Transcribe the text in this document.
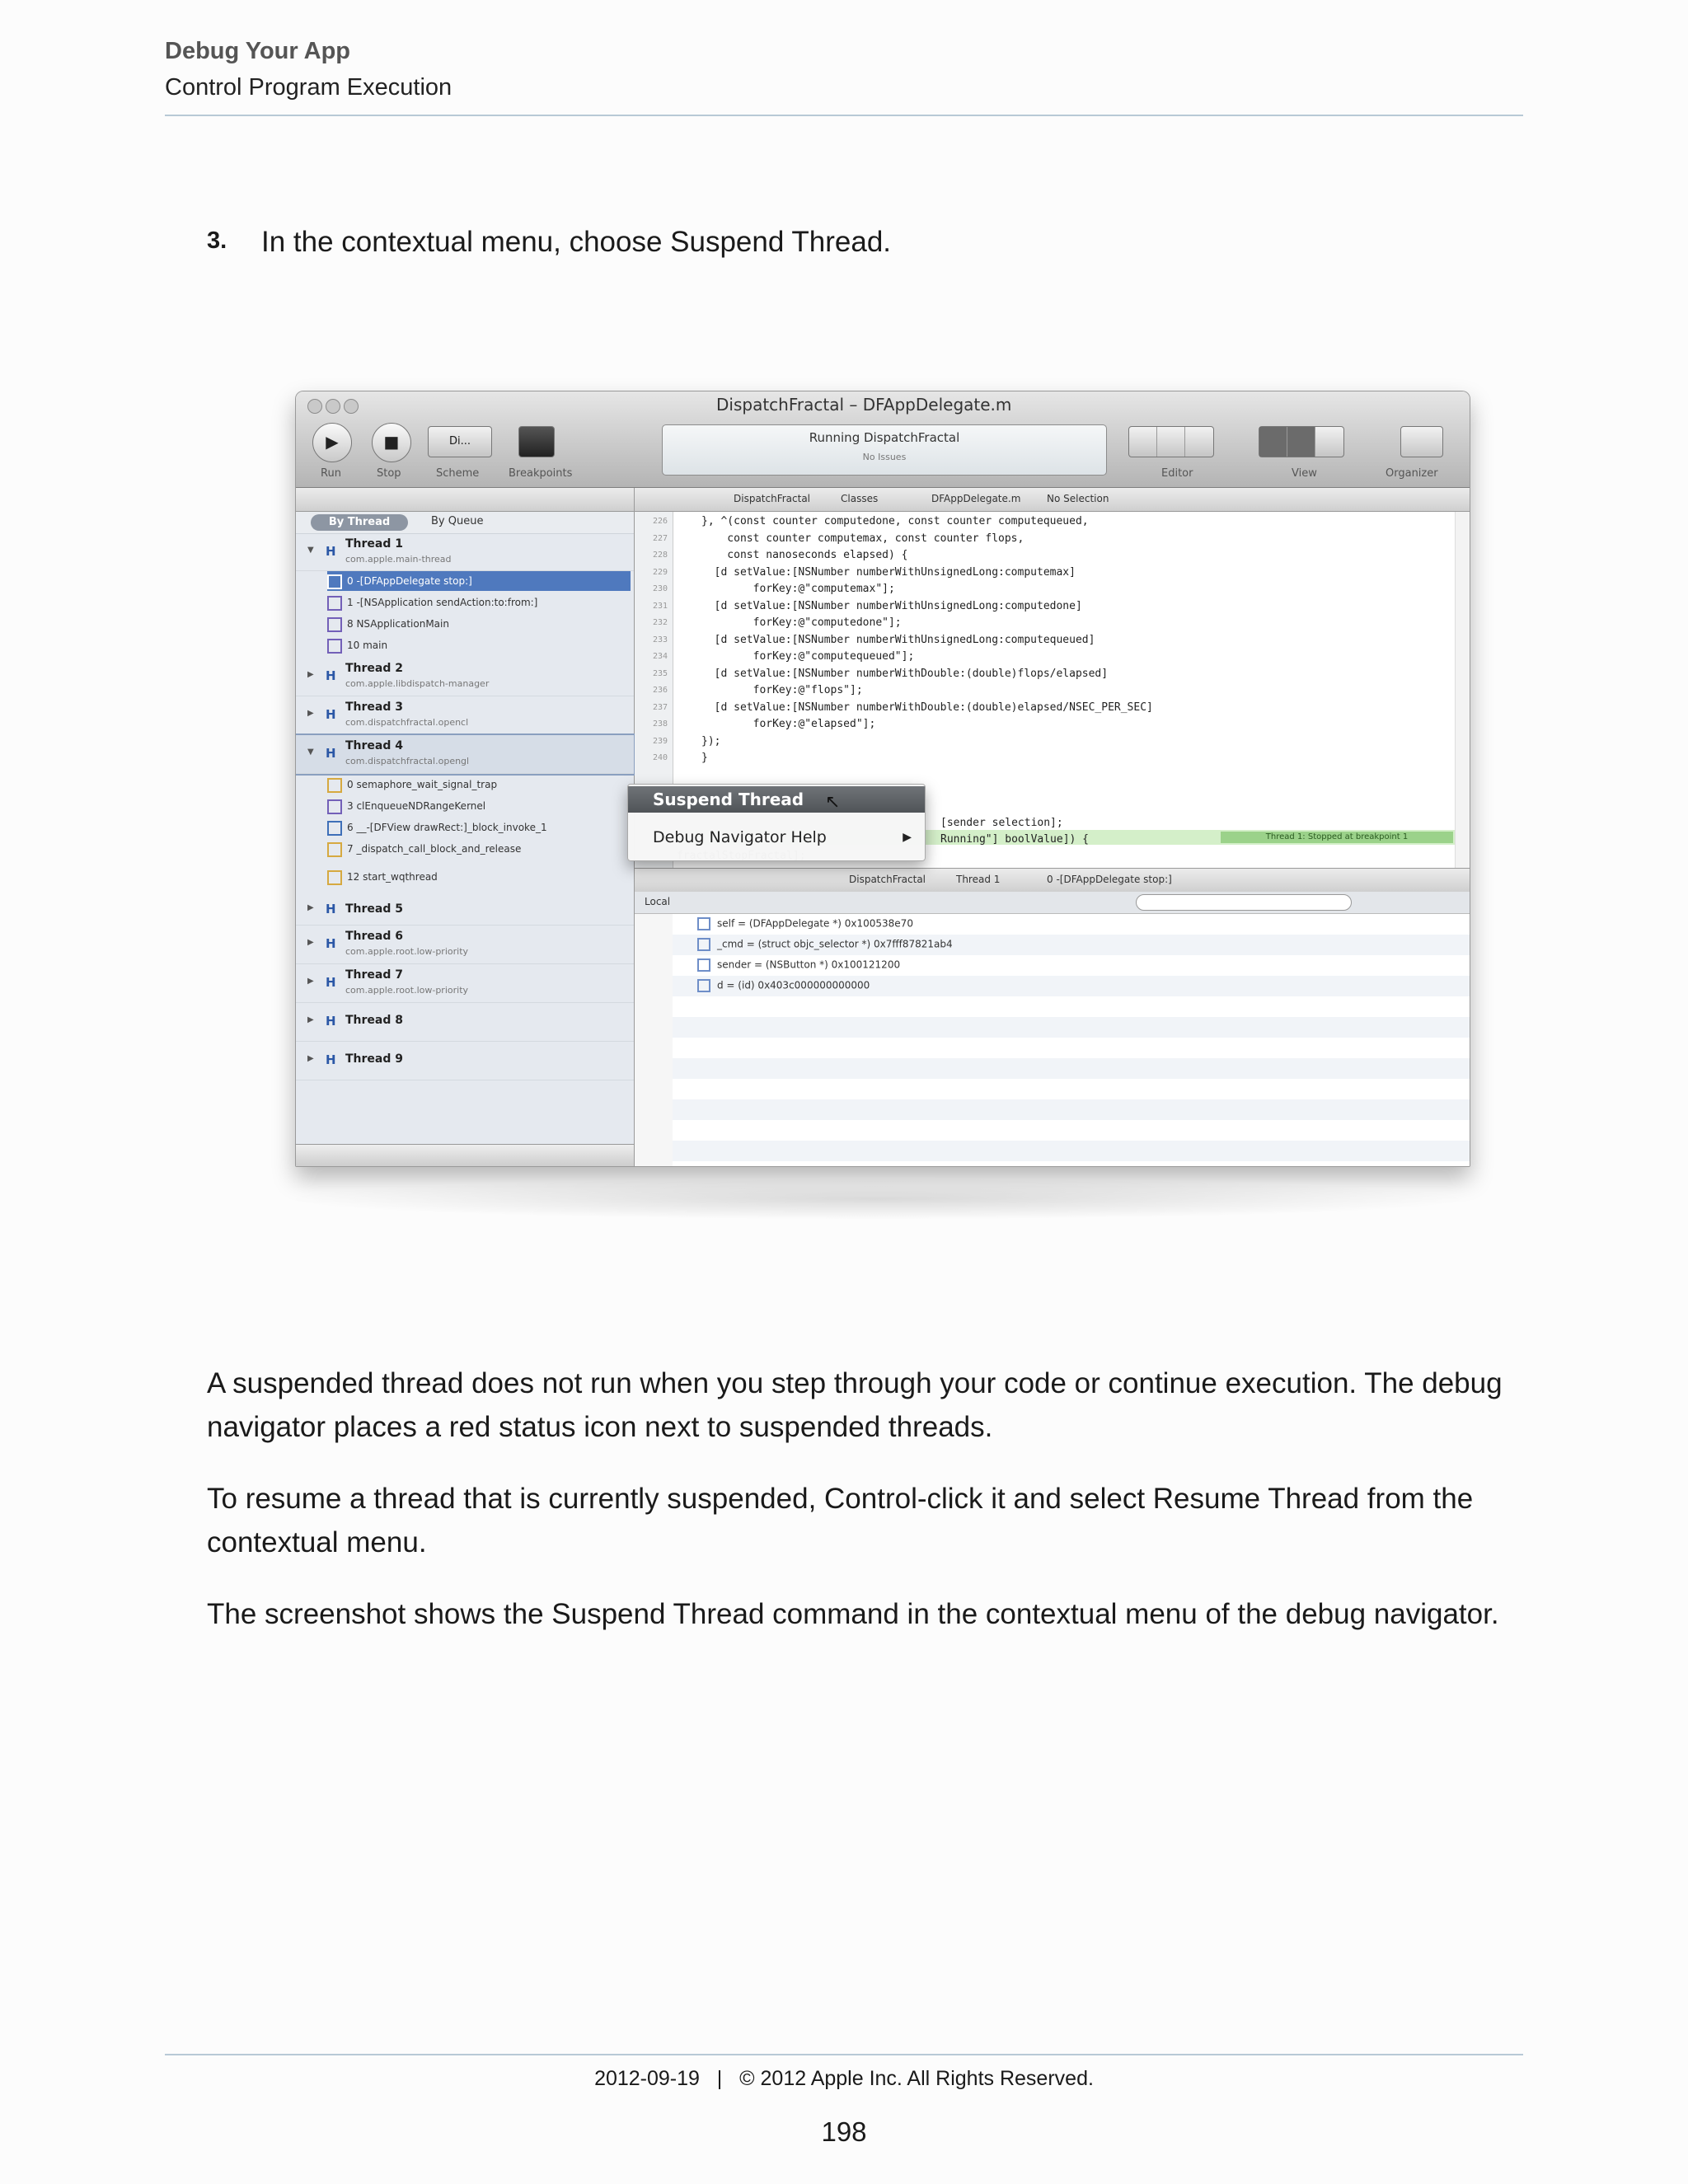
Debug Your App
Control Program Execution
3. In the contextual menu, choose Suspend Thread.
DispatchFractal – DFAppDelegate.m
▶	■	Di...
Run	Stop	Scheme	Breakpoints
Running DispatchFractal
No Issues
Editor	View	Organizer
By Thread	By Queue
▼ H Thread 1
com.apple.main-thread
0 -[DFAppDelegate stop:]
1 -[NSApplication sendAction:to:from:]
8 NSApplicationMain
10 main
▶ H Thread 2
com.apple.libdispatch-manager
▶ H Thread 3
com.dispatchfractal.opencl
▼ H Thread 4
com.dispatchfractal.opengl
0 semaphore_wait_signal_trap
3 clEnqueueNDRangeKernel
6 __-[DFView drawRect:]_block_invoke_1
7 _dispatch_call_block_and_release
12 start_wqthread
▶ H Thread 5
▶ H Thread 6
com.apple.root.low-priority
▶ H Thread 7
com.apple.root.low-priority
▶ H Thread 8
▶ H Thread 9
DispatchFractal	Classes	DFAppDelegate.m	No Selection
226
227
228
229
230
231
232
233
234
235
236
237
238
239
240
Thread 1: Stopped at breakpoint 1
}, ^(const counter computedone, const counter computequeued,
const counter computemax, const counter flops,
const nanoseconds elapsed) {
[d setValue:[NSNumber numberWithUnsignedLong:computemax]
forKey:@"computemax"];
[d setValue:[NSNumber numberWithUnsignedLong:computedone]
forKey:@"computedone"];
[d setValue:[NSNumber numberWithUnsignedLong:computequeued]
forKey:@"computequeued"];
[d setValue:[NSNumber numberWithDouble:(double)flops/elapsed]
forKey:@"flops"];
[d setValue:[NSNumber numberWithDouble:(double)elapsed/NSEC_PER_SEC]
forKey:@"elapsed"];
});
}
[sender selection];
Running"] boolValue]) {
DispatchFractal	Thread 1	0 -[DFAppDelegate stop:]
Local
self = (DFAppDelegate *) 0x100538e70
_cmd = (struct objc_selector *) 0x7fff87821ab4
sender = (NSButton *) 0x100121200
d = (id) 0x403c000000000000
Suspend Thread
Debug Navigator Help	▶
↖
A suspended thread does not run when you step through your code or continue execution. The debug navigator places a red status icon next to suspended threads.
To resume a thread that is currently suspended, Control-click it and select Resume Thread from the contextual menu.
The screenshot shows the Suspend Thread command in the contextual menu of the debug navigator.
2012-09-19 | © 2012 Apple Inc. All Rights Reserved.
198
